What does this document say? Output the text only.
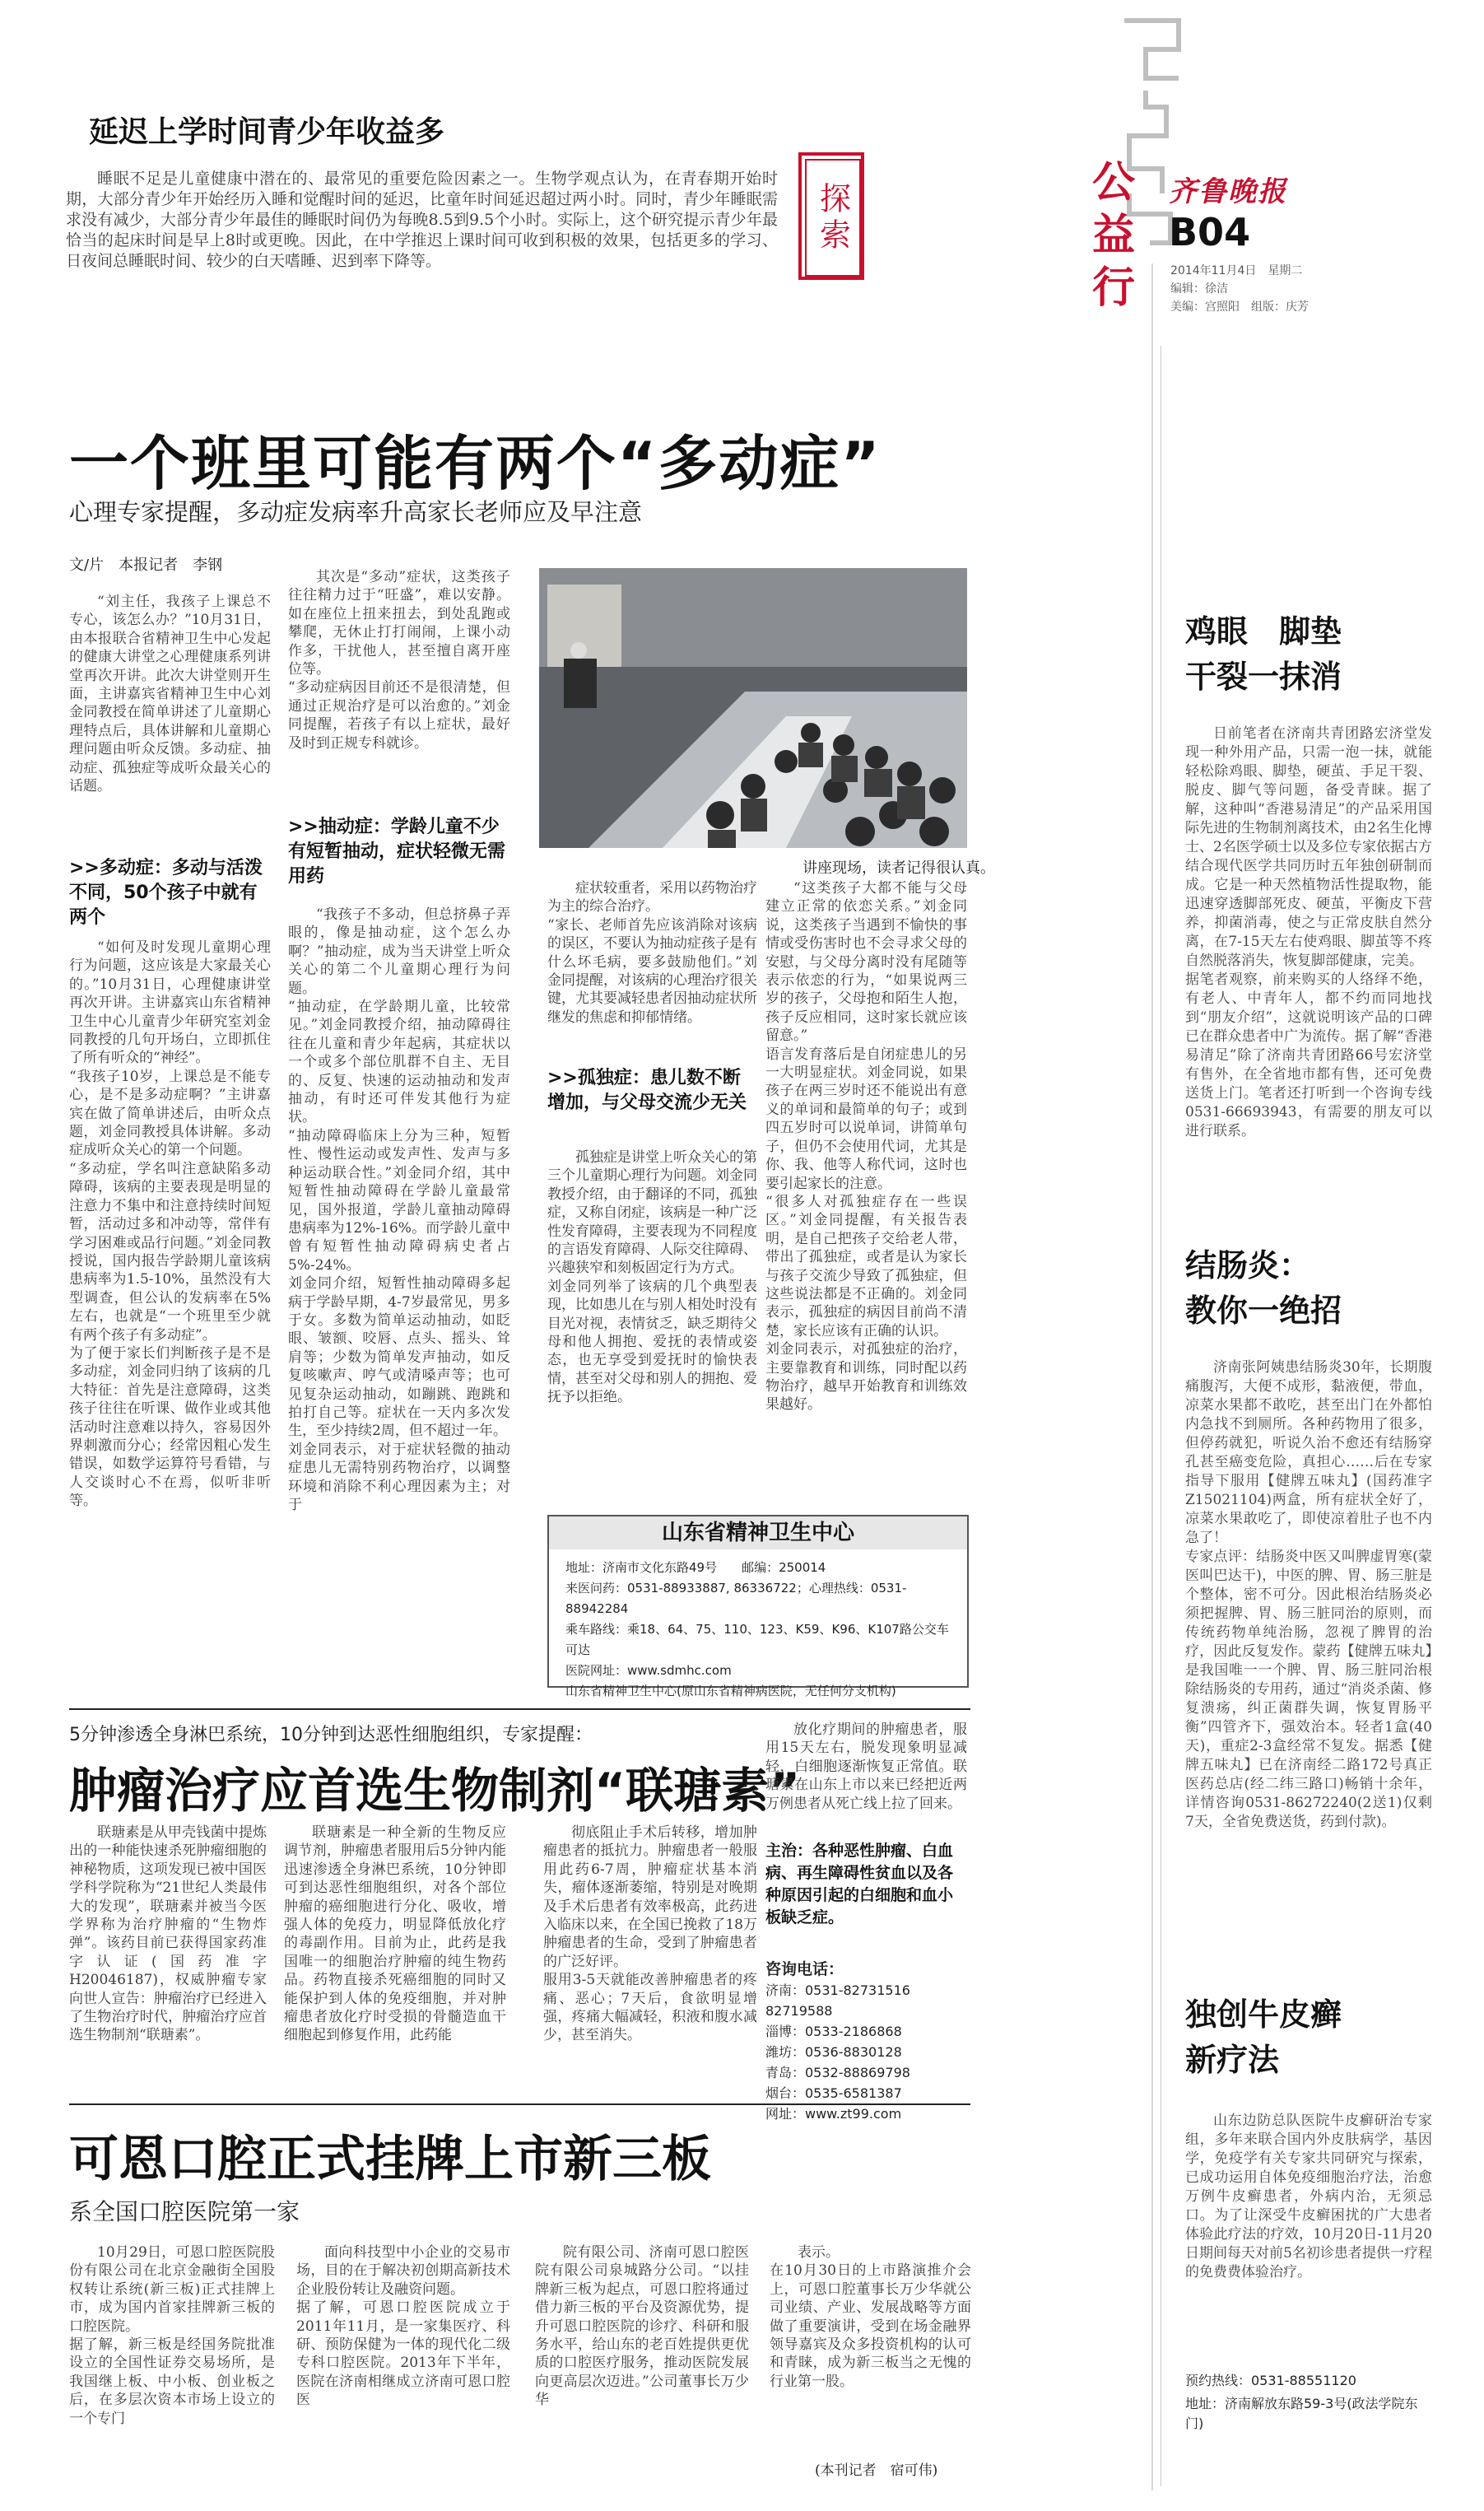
公益行
齐鲁晚报
B04
2014年11月4日　星期二
编辑：徐洁
美编：宫照阳　组版：庆芳
探索
延迟上学时间青少年收益多
睡眠不足是儿童健康中潜在的、最常见的重要危险因素之一。生物学观点认为，在青春期开始时期，大部分青少年开始经历入睡和觉醒时间的延迟，比童年时间延迟超过两小时。同时，青少年睡眠需求没有减少，大部分青少年最佳的睡眠时间仍为每晚8.5到9.5个小时。实际上，这个研究提示青少年最恰当的起床时间是早上8时或更晚。因此，在中学推迟上课时间可收到积极的效果，包括更多的学习、日夜间总睡眠时间、较少的白天嗜睡、迟到率下降等。
一个班里可能有两个“多动症”
心理专家提醒，多动症发病率升高家长老师应及早注意
文/片　本报记者　李钢
“刘主任，我孩子上课总不专心，该怎么办？”10月31日，由本报联合省精神卫生中心发起的健康大讲堂之心理健康系列讲堂再次开讲。此次大讲堂则开生面，主讲嘉宾省精神卫生中心刘金同教授在简单讲述了儿童期心理特点后，具体讲解和儿童期心理问题由听众反馈。多动症、抽动症、孤独症等成听众最关心的话题。
>>多动症：多动与活泼不同，50个孩子中就有两个
“如何及时发现儿童期心理行为问题，这应该是大家最关心的。”10月31日，心理健康讲堂再次开讲。主讲嘉宾山东省精神卫生中心儿童青少年研究室刘金同教授的几句开场白，立即抓住了所有听众的“神经”。
“我孩子10岁，上课总是不能专心，是不是多动症啊？”主讲嘉宾在做了简单讲述后，由听众点题，刘金同教授具体讲解。多动症成听众关心的第一个问题。
“多动症，学名叫注意缺陷多动障碍，该病的主要表现是明显的注意力不集中和注意持续时间短暂，活动过多和冲动等，常伴有学习困难或品行问题。”刘金同教授说，国内报告学龄期儿童该病患病率为1.5-10%，虽然没有大型调查，但公认的发病率在5%左右，也就是“一个班里至少就有两个孩子有多动症”。
为了便于家长们判断孩子是不是多动症，刘金同归纳了该病的几大特征：首先是注意障碍，这类孩子往往在听课、做作业或其他活动时注意难以持久，容易因外界刺激而分心；经常因粗心发生错误，如数学运算符号看错，与人交谈时心不在焉，似听非听等。
其次是“多动”症状，这类孩子往往精力过于“旺盛”，难以安静。如在座位上扭来扭去，到处乱跑或攀爬，无休止打打闹闹，上课小动作多，干扰他人，甚至擅自离开座位等。
“多动症病因目前还不是很清楚，但通过正规治疗是可以治愈的。”刘金同提醒，若孩子有以上症状，最好及时到正规专科就诊。
>>抽动症：学龄儿童不少有短暂抽动，症状轻微无需用药
“我孩子不多动，但总挤鼻子弄眼的，像是抽动症，这个怎么办啊？”抽动症，成为当天讲堂上听众关心的第二个儿童期心理行为问题。
“抽动症，在学龄期儿童，比较常见。”刘金同教授介绍，抽动障碍往往在儿童和青少年起病，其症状以一个或多个部位肌群不自主、无目的、反复、快速的运动抽动和发声抽动，有时还可伴发其他行为症状。
“抽动障碍临床上分为三种，短暂性、慢性运动或发声性、发声与多种运动联合性。”刘金同介绍，其中短暂性抽动障碍在学龄儿童最常见，国外报道，学龄儿童抽动障碍患病率为12%-16%。而学龄儿童中曾有短暂性抽动障碍病史者占5%-24%。
刘金同介绍，短暂性抽动障碍多起病于学龄早期，4-7岁最常见，男多于女。多数为简单运动抽动，如眨眼、皱额、咬唇、点头、摇头、耸肩等；少数为简单发声抽动，如反复咳嗽声、哼气或清嗓声等；也可见复杂运动抽动，如蹦跳、跑跳和拍打自己等。症状在一天内多次发生，至少持续2周，但不超过一年。
刘金同表示，对于症状轻微的抽动症患儿无需特别药物治疗，以调整环境和消除不利心理因素为主；对于
讲座现场，读者记得很认真。
症状较重者，采用以药物治疗为主的综合治疗。
“家长、老师首先应该消除对该病的误区，不要认为抽动症孩子是有什么坏毛病，要多鼓励他们。”刘金同提醒，对该病的心理治疗很关键，尤其要减轻患者因抽动症状所继发的焦虑和抑郁情绪。
>>孤独症：患儿数不断增加，与父母交流少无关
孤独症是讲堂上听众关心的第三个儿童期心理行为问题。刘金同教授介绍，由于翻译的不同，孤独症，又称自闭症，该病是一种广泛性发育障碍，主要表现为不同程度的言语发育障碍、人际交往障碍、兴趣狭窄和刻板固定行为方式。
刘金同列举了该病的几个典型表现，比如患儿在与别人相处时没有目光对视，表情贫乏，缺乏期待父母和他人拥抱、爱抚的表情或姿态，也无享受到爱抚时的愉快表情，甚至对父母和别人的拥抱、爱抚予以拒绝。
“这类孩子大都不能与父母建立正常的依恋关系。”刘金同说，这类孩子当遇到不愉快的事情或受伤害时也不会寻求父母的安慰，与父母分离时没有尾随等表示依恋的行为，“如果说两三岁的孩子，父母抱和陌生人抱，孩子反应相同，这时家长就应该留意。”
语言发育落后是自闭症患儿的另一大明显症状。刘金同说，如果孩子在两三岁时还不能说出有意义的单词和最简单的句子；或到四五岁时可以说单词，讲简单句子，但仍不会使用代词，尤其是你、我、他等人称代词，这时也要引起家长的注意。
“很多人对孤独症存在一些误区。”刘金同提醒，有关报告表明，是自己把孩子交给老人带，带出了孤独症，或者是认为家长与孩子交流少导致了孤独症，但这些说法都是不正确的。刘金同表示，孤独症的病因目前尚不清楚，家长应该有正确的认识。
刘金同表示，对孤独症的治疗，主要靠教育和训练，同时配以药物治疗，越早开始教育和训练效果越好。
山东省精神卫生中心
地址：济南市文化东路49号　　邮编：250014
来医问药：0531-88933887, 86336722；心理热线：0531-88942284
乘车路线：乘18、64、75、110、123、K59、K96、K107路公交车可达
医院网址：www.sdmhc.com
山东省精神卫生中心(原山东省精神病医院，无任何分支机构)
5分钟渗透全身淋巴系统，10分钟到达恶性细胞组织，专家提醒：
肿瘤治疗应首选生物制剂“联瑭素”
联瑭素是从甲壳钱菌中提炼出的一种能快速杀死肿瘤细胞的神秘物质，这项发现已被中国医学科学院称为“21世纪人类最伟大的发现”，联瑭素并被当今医学界称为治疗肿瘤的“生物炸弹”。该药目前已获得国家药准字认证(国药准字H20046187)，权威肿瘤专家向世人宣告：肿瘤治疗已经进入了生物治疗时代，肿瘤治疗应首选生物制剂“联瑭素”。
联瑭素是一种全新的生物反应调节剂，肿瘤患者服用后5分钟内能迅速渗透全身淋巴系统，10分钟即可到达恶性细胞组织，对各个部位肿瘤的癌细胞进行分化、吸收，增强人体的免疫力，明显降低放化疗的毒副作用。目前为止，此药是我国唯一的细胞治疗肿瘤的纯生物药品。药物直接杀死癌细胞的同时又能保护到人体的免疫细胞，并对肿瘤患者放化疗时受损的骨髓造血干细胞起到修复作用，此药能
彻底阻止手术后转移，增加肿瘤患者的抵抗力。肿瘤患者一般服用此药6-7周，肿瘤症状基本消失，瘤体逐渐萎缩，特别是对晚期及手术后患者有效率极高，此药进入临床以来，在全国已挽救了18万肿瘤患者的生命，受到了肿瘤患者的广泛好评。
服用3-5天就能改善肿瘤患者的疼痛、恶心；7天后，食欲明显增强，疼痛大幅减轻，积液和腹水减少，甚至消失。
放化疗期间的肿瘤患者，服用15天左右，脱发现象明显减轻，白细胞逐渐恢复正常值。联瑭素在山东上市以来已经把近两万例患者从死亡线上拉了回来。
主治：各种恶性肿瘤、白血病、再生障碍性贫血以及各种原因引起的白细胞和血小板缺乏症。
咨询电话：
济南：0531-82731516　82719588
淄博：0533-2186868
潍坊：0536-8830128
青岛：0532-88869798
烟台：0535-6581387
网址：www.zt99.com
可恩口腔正式挂牌上市新三板
系全国口腔医院第一家
10月29日，可恩口腔医院股份有限公司在北京金融街全国股权转让系统(新三板)正式挂牌上市，成为国内首家挂牌新三板的口腔医院。
据了解，新三板是经国务院批准设立的全国性证券交易场所，是我国继上板、中小板、创业板之后，在多层次资本市场上设立的一个专门
面向科技型中小企业的交易市场，目的在于解决初创期高新技术企业股份转让及融资问题。
据了解，可恩口腔医院成立于2011年11月，是一家集医疗、科研、预防保健为一体的现代化二级专科口腔医院。2013年下半年，医院在济南相继成立济南可恩口腔医
院有限公司、济南可恩口腔医院有限公司泉城路分公司。“以挂牌新三板为起点，可恩口腔将通过借力新三板的平台及资源优势，提升可恩口腔医院的诊疗、科研和服务水平，给山东的老百姓提供更优质的口腔医疗服务，推动医院发展向更高层次迈进。”公司董事长万少华
表示。
在10月30日的上市路演推介会上，可恩口腔董事长万少华就公司业绩、产业、发展战略等方面做了重要演讲，受到在场金融界领导嘉宾及众多投资机构的认可和青睐，成为新三板当之无愧的行业第一股。
(本刊记者　宿可伟)
鸡眼　脚垫
干裂一抹消
日前笔者在济南共青团路宏济堂发现一种外用产品，只需一泡一抹，就能轻松除鸡眼、脚垫，硬茧、手足干裂、脱皮、脚气等问题，备受青睐。据了解，这种叫“香港易清足”的产品采用国际先进的生物制剂离技术，由2名生化博士、2名医学硕士以及多位专家依据古方结合现代医学共同历时五年独创研制而成。它是一种天然植物活性提取物，能迅速穿透脚部死皮、硬茧，平衡皮下营养，抑菌消毒，使之与正常皮肤自然分离，在7-15天左右使鸡眼、脚茧等不疼自然脱落消失，恢复脚部健康，完美。
据笔者观察，前来购买的人络绎不绝，有老人、中青年人，都不约而同地找到“朋友介绍”，这就说明该产品的口碑已在群众患者中广为流传。据了解“香港易清足”除了济南共青团路66号宏济堂有售外，在全省地市都有售，还可免费送货上门。笔者还打听到一个咨询专线0531-66693943，有需要的朋友可以进行联系。
结肠炎：
教你一绝招
济南张阿姨患结肠炎30年，长期腹痛腹泻，大便不成形，黏液便，带血，凉菜水果都不敢吃，甚至出门在外都怕内急找不到厕所。各种药物用了很多，但停药就犯，听说久治不愈还有结肠穿孔甚至癌变危险，真担心……后在专家指导下服用【健牌五味丸】(国药准字Z15021104)两盒，所有症状全好了，凉菜水果敢吃了，即使凉着肚子也不内急了！
专家点评：结肠炎中医又叫脾虚胃寒(蒙医叫巴达干)，中医的脾、胃、肠三脏是个整体，密不可分。因此根治结肠炎必须把握脾、胃、肠三脏同治的原则，而传统药物单纯治肠，忽视了脾胃的治疗，因此反复发作。蒙药【健牌五味丸】是我国唯一一个脾、胃、肠三脏同治根除结肠炎的专用药，通过“消炎杀菌、修复溃疡，纠正菌群失调，恢复胃肠平衡”四管齐下，强效治本。轻者1盒(40天)，重症2-3盒经常不复发。据悉【健牌五味丸】已在济南经二路172号真正医药总店(经二纬三路口)畅销十余年，详情咨询0531-86272240(2送1)仅剩7天，全省免费送货，药到付款)。
独创牛皮癣
新疗法
山东边防总队医院牛皮癣研治专家组，多年来联合国内外皮肤病学，基因学，免疫学有关专家共同研究与探索，已成功运用自体免疫细胞治疗法，治愈万例牛皮癣患者，外病内治，无须忌口。为了让深受牛皮癣困扰的广大患者体验此疗法的疗效，10月20日-11月20日期间每天对前5名初诊患者提供一疗程的免费费体验治疗。
预约热线：0531-88551120
地址：济南解放东路59-3号(政法学院东门)
